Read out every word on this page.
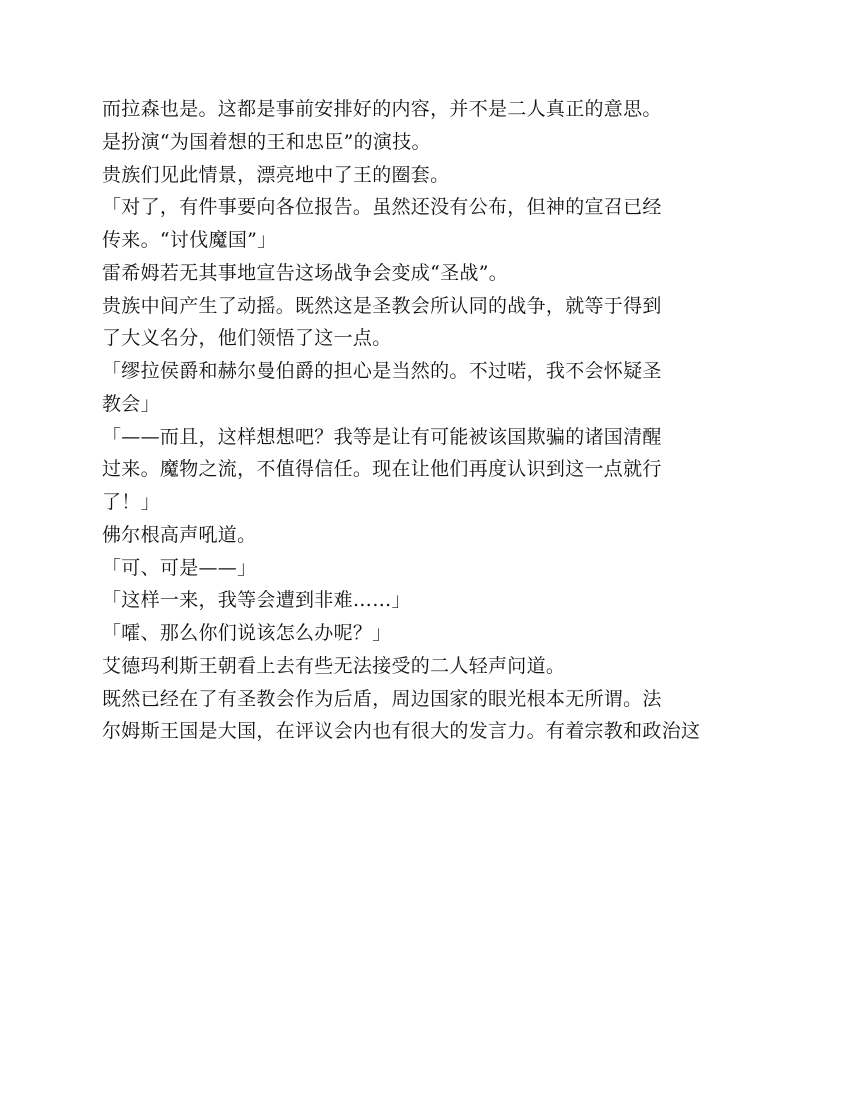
而拉森也是。这都是事前安排好的内容，并不是二人真正的意思。
是扮演“为国着想的王和忠臣”的演技。
贵族们见此情景，漂亮地中了王的圈套。
「对了，有件事要向各位报告。虽然还没有公布，但神的宣召已经
传来。“讨伐魔国”」
雷希姆若无其事地宣告这场战争会变成“圣战”。
贵族中间产生了动摇。既然这是圣教会所认同的战争，就等于得到
了大义名分，他们领悟了这一点。
「缪拉侯爵和赫尔曼伯爵的担心是当然的。不过喏，我不会怀疑圣
教会」
「——而且，这样想想吧？我等是让有可能被该国欺骗的诸国清醒
过来。魔物之流，不值得信任。现在让他们再度认识到这一点就行
了！」
佛尔根高声吼道。
「可、可是——」
「这样一来，我等会遭到非难……」
「嚯、那么你们说该怎么办呢？」
艾德玛利斯王朝看上去有些无法接受的二人轻声问道。
既然已经在了有圣教会作为后盾，周边国家的眼光根本无所谓。法
尔姆斯王国是大国，在评议会内也有很大的发言力。有着宗教和政治这
